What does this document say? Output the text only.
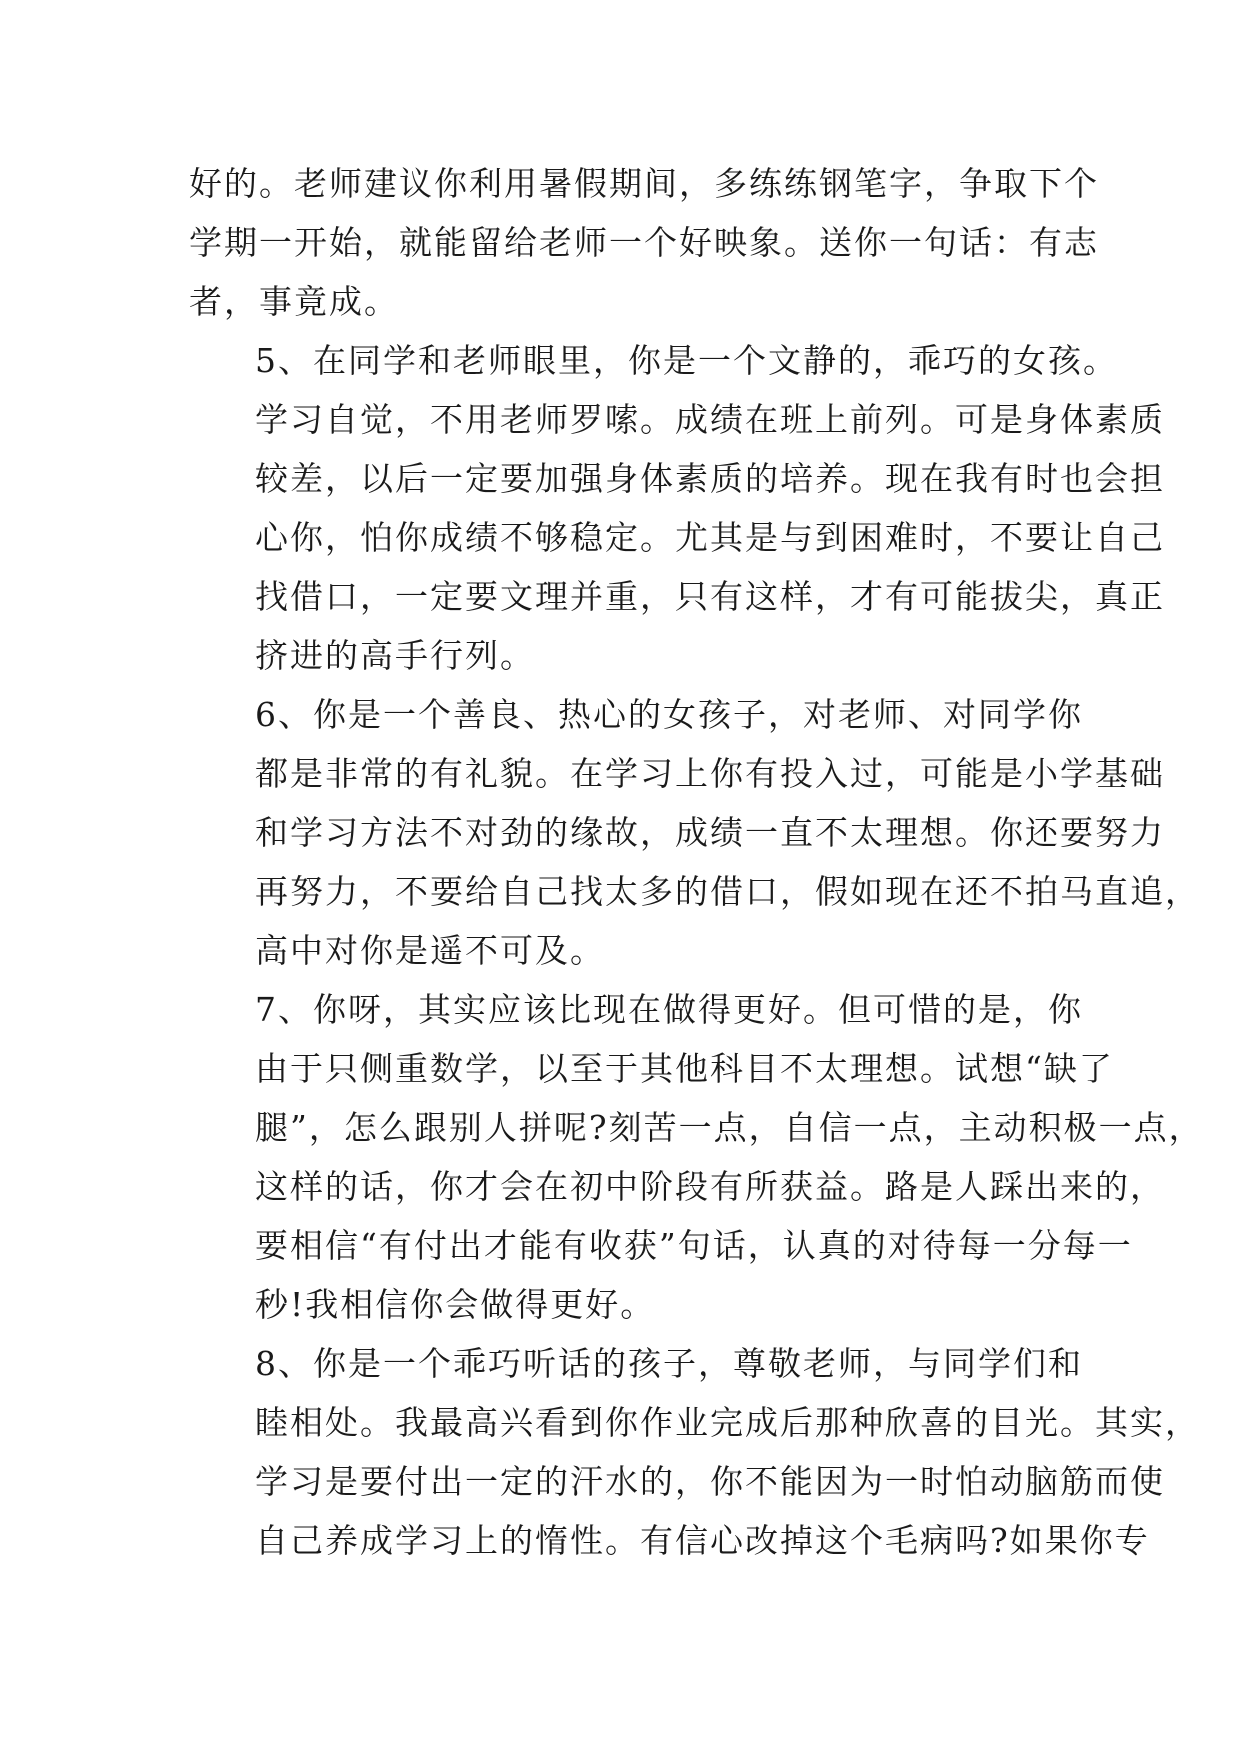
好的。老师建议你利用暑假期间，多练练钢笔字，争取下个
学期一开始，就能留给老师一个好映象。送你一句话：有志
者，事竟成。

5、在同学和老师眼里，你是一个文静的，乖巧的女孩。
学习自觉，不用老师罗嗦。成绩在班上前列。可是身体素质
较差，以后一定要加强身体素质的培养。现在我有时也会担
心你，怕你成绩不够稳定。尤其是与到困难时，不要让自己
找借口，一定要文理并重，只有这样，才有可能拔尖，真正
挤进的高手行列。

6、你是一个善良、热心的女孩子，对老师、对同学你
都是非常的有礼貌。在学习上你有投入过，可能是小学基础
和学习方法不对劲的缘故，成绩一直不太理想。你还要努力
再努力，不要给自己找太多的借口，假如现在还不拍马直追，
高中对你是遥不可及。

7、你呀，其实应该比现在做得更好。但可惜的是，你
由于只侧重数学，以至于其他科目不太理想。试想“缺了
腿”，怎么跟别人拼呢?刻苦一点，自信一点，主动积极一点，
这样的话，你才会在初中阶段有所获益。路是人踩出来的，
要相信“有付出才能有收获”句话，认真的对待每一分每一
秒!我相信你会做得更好。

8、你是一个乖巧听话的孩子，尊敬老师，与同学们和
睦相处。我最高兴看到你作业完成后那种欣喜的目光。其实，
学习是要付出一定的汗水的，你不能因为一时怕动脑筋而使
自己养成学习上的惰性。有信心改掉这个毛病吗?如果你专
